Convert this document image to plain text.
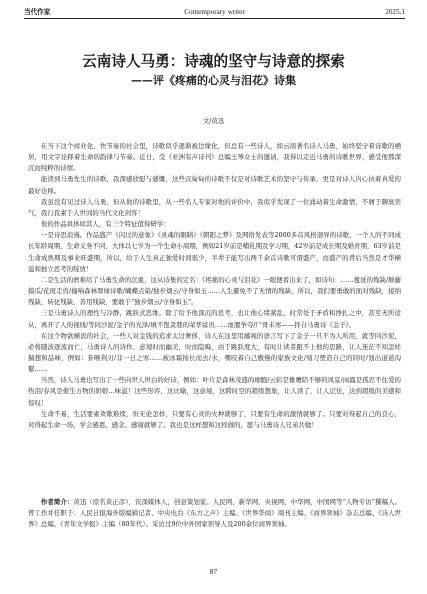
当代作家	Contemporary writer	2025.1
云南诗人马勇：诗魂的坚守与诗意的探索
——评《疼痛的心灵与泪花》诗集
文/黄迅

在当下这个商业化、快节奏的社会里，诗歌似乎逐渐被边缘化，但总有一些诗人，如云南著名诗人马勇，始终坚守着诗歌的栖居，用文字诠释着生命的韵律与节奏。近日，受《亚洲有声诗刊》总编王琴女士的邀请，我得以走近马勇的诗歌世界，感受他那深沉而纯粹的诗情。

能读到马勇先生的诗歌，我深感欣慰与感慨，这些沉甸甸的诗歌不仅是对诗歌艺术的坚守与传承，更是对诗人内心执着真爱的最好诠释。

我虽没有见过诗人马勇，但从他的诗歌里，从一些名人专家对他的评价中，我似乎发现了一位涌动着生命激情，不屑于聊臭奕气，我行我素于人世间的当代文化剑客！

他的作品具体如其人，有三个特征值得研学：

一是诗思浪漫。作品盛产《闪过的意象》《灵魂的眼睛》《朝阳之梦》及网络发表等2000多首风格迥异的诗歌，一个人的不同成长年龄周期，生命义务不同，大体以七岁为一个生命小周期，例如21岁前是哺乳期及学习期，42岁前是成长期及婚育期，63岁前是生命成熟期及事业旺盛期，所以，给于人生真正独爱时间很少，半辈子能写出两千余首诗歌可谓盛产，而盛产的背后当然是才华横溢和独立思考的绽放！

二是生活的磨难给了马勇生命的沉重，这从诗集的定名：《疼痛的心灵与泪花》一眼便看出来了，如诗句：……蔓延的残缺/顺藤摸瓜/花斑走兽/撞响森林翠绿诗歌/蝴蝶点染/独步烟云/守身如玉……人生避免不了无情的残缺，所以，我们要勇敢的面对残缺，接纳残缺，转化残缺，善用残缺，要敢于“独步烟云/守身如玉”。

三是马勇诗人的理性与冷静，跳跃式思维。除了给予他深沉的思考，也让他心绪紧乱，时常处于矛盾和挣扎之中，甚至无所适从，离开了人的视线/等同沙泥/金子的光泽/填不饱贪婪的荣华富贵……血腥争夺/尸骨未寒——择自马勇诗《金子》。

在这个物欲横流的社会，一些人对金钱的追求太过奢侈，诗人在这里用鄙视的语言写下了金子一旦不为人所用，就等同沙泥，必将随波逐流而亡，马勇诗人的诗作，意境时而幽美，时而隐晦，由于跳跃度大，有时让读者跟不上他的思路，让人迷茫不知怎样揣想和品味，例如：卦喉利刃/非一日之寒……被冰霜扬长而去/水，嘿咬着自己傲慢的家族文化/刻刀塑造自己的同时/划出道道沟壑……

当然，诗人马勇也写出了一些向世人坦白的好诗，例如：叶片是森林茂盛的细胞/云彩是雄鹰陪不够的风景/雨露是孤忍不住爱的热泪/春风是催生万物的奶娘…味溢！这些形容，这比喻，这意境，这跨时空的超级想象，让人读了，让人记住，达到超级的美感和惊叹！

生命不易，生活要素欢歌难续，但无论怎样，只要有心灵的火种就够了，只要有生命的激情就够了。只要对得起自己的良心，对得起生命一场，学会感恩、感念、感谢就够了。我也是这样想和这样做的，愿与马勇诗人兄弟共勉！

作者简介：黄迅（原名黄正彦），资深媒体人，创意策划家。人民网、新华网、央视网、中华网、中国网等“人物专访”撰稿人。曾工作并任职于：人民日报海外版编辑记者、中央电台《东方之声》主编、《世界华商》周刊主编、《商界领袖》杂志总编、《诗人世界》总编、《青年文学报》主编（80年代）。采访过9位中外国家领导人及200余位商界领袖。

87
